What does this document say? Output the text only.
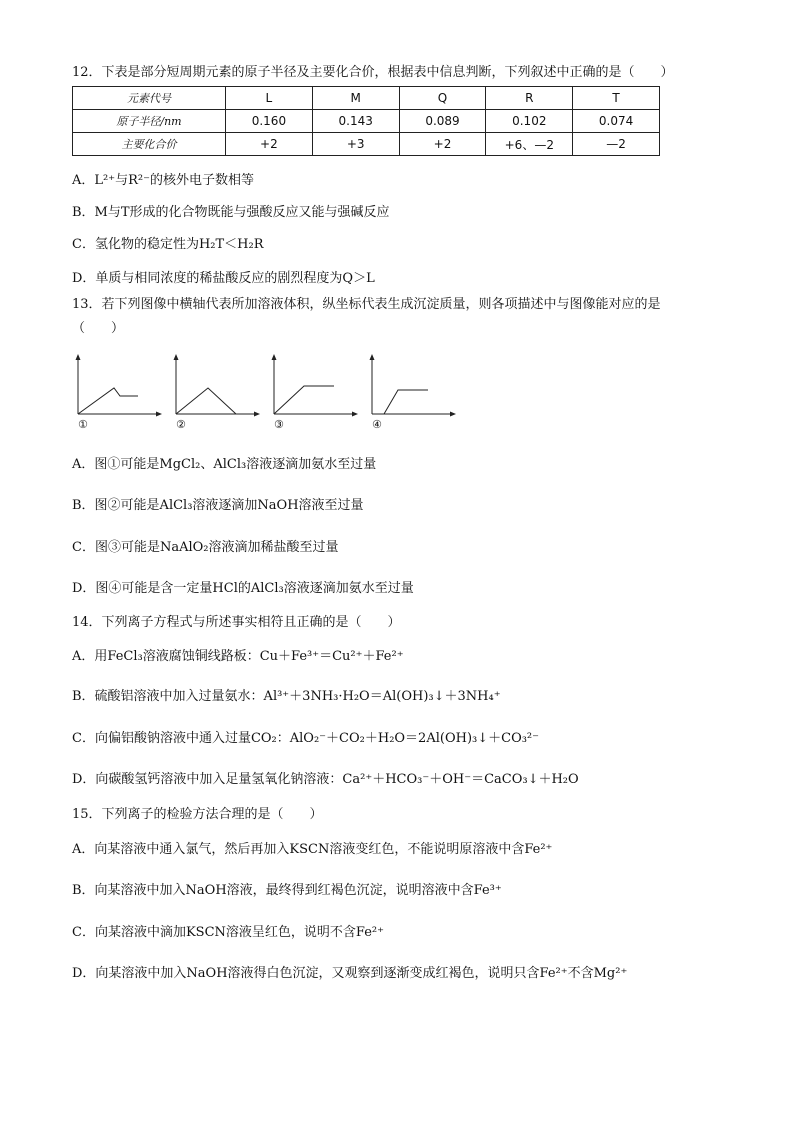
12．下表是部分短周期元素的原子半径及主要化合价，根据表中信息判断，下列叙述中正确的是（　　）
元素代号	L	M	Q	R	T
原子半径/nm	0.160	0.143	0.089	0.102	0.074
主要化合价	+2	+3	+2	+6、—2	—2
A．L²⁺与R²⁻的核外电子数相等
B．M与T形成的化合物既能与强酸反应又能与强碱反应
C．氢化物的稳定性为H₂T＜H₂R
D．单质与相同浓度的稀盐酸反应的剧烈程度为Q＞L
13．若下列图像中横轴代表所加溶液体积，纵坐标代表生成沉淀质量，则各项描述中与图像能对应的是
（　　）
①	②	③	④
A．图①可能是MgCl₂、AlCl₃溶液逐滴加氨水至过量
B．图②可能是AlCl₃溶液逐滴加NaOH溶液至过量
C．图③可能是NaAlO₂溶液滴加稀盐酸至过量
D．图④可能是含一定量HCl的AlCl₃溶液逐滴加氨水至过量
14．下列离子方程式与所述事实相符且正确的是（　　）
A．用FeCl₃溶液腐蚀铜线路板：Cu＋Fe³⁺＝Cu²⁺＋Fe²⁺
B．硫酸铝溶液中加入过量氨水：Al³⁺＋3NH₃·H₂O＝Al(OH)₃↓＋3NH₄⁺
C．向偏铝酸钠溶液中通入过量CO₂：AlO₂⁻＋CO₂＋H₂O＝2Al(OH)₃↓＋CO₃²⁻
D．向碳酸氢钙溶液中加入足量氢氧化钠溶液：Ca²⁺＋HCO₃⁻＋OH⁻＝CaCO₃↓＋H₂O
15．下列离子的检验方法合理的是（　　）
A．向某溶液中通入氯气，然后再加入KSCN溶液变红色，不能说明原溶液中含Fe²⁺
B．向某溶液中加入NaOH溶液，最终得到红褐色沉淀，说明溶液中含Fe³⁺
C．向某溶液中滴加KSCN溶液呈红色，说明不含Fe²⁺
D．向某溶液中加入NaOH溶液得白色沉淀，又观察到逐渐变成红褐色，说明只含Fe²⁺不含Mg²⁺
